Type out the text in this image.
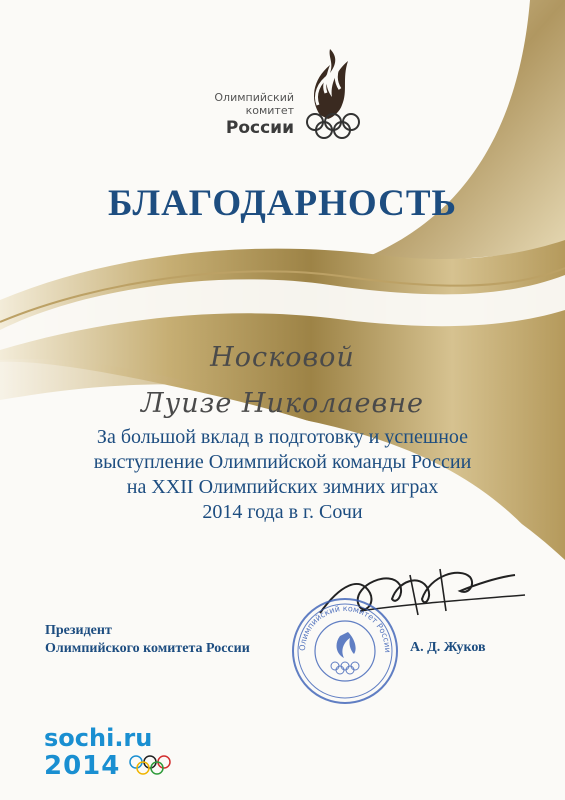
Олимпийский
комитет
России
БЛАГОДАРНОСТЬ
Носковой
Луизе Николаевне
За большой вклад в подготовку и успешное
выступление Олимпийской команды России
на XXII Олимпийских зимних играх
2014 года в г. Сочи
Олимпийский комитет России
Президент
Олимпийского комитета России	А. Д. Жуков
sochi.ru
2014
